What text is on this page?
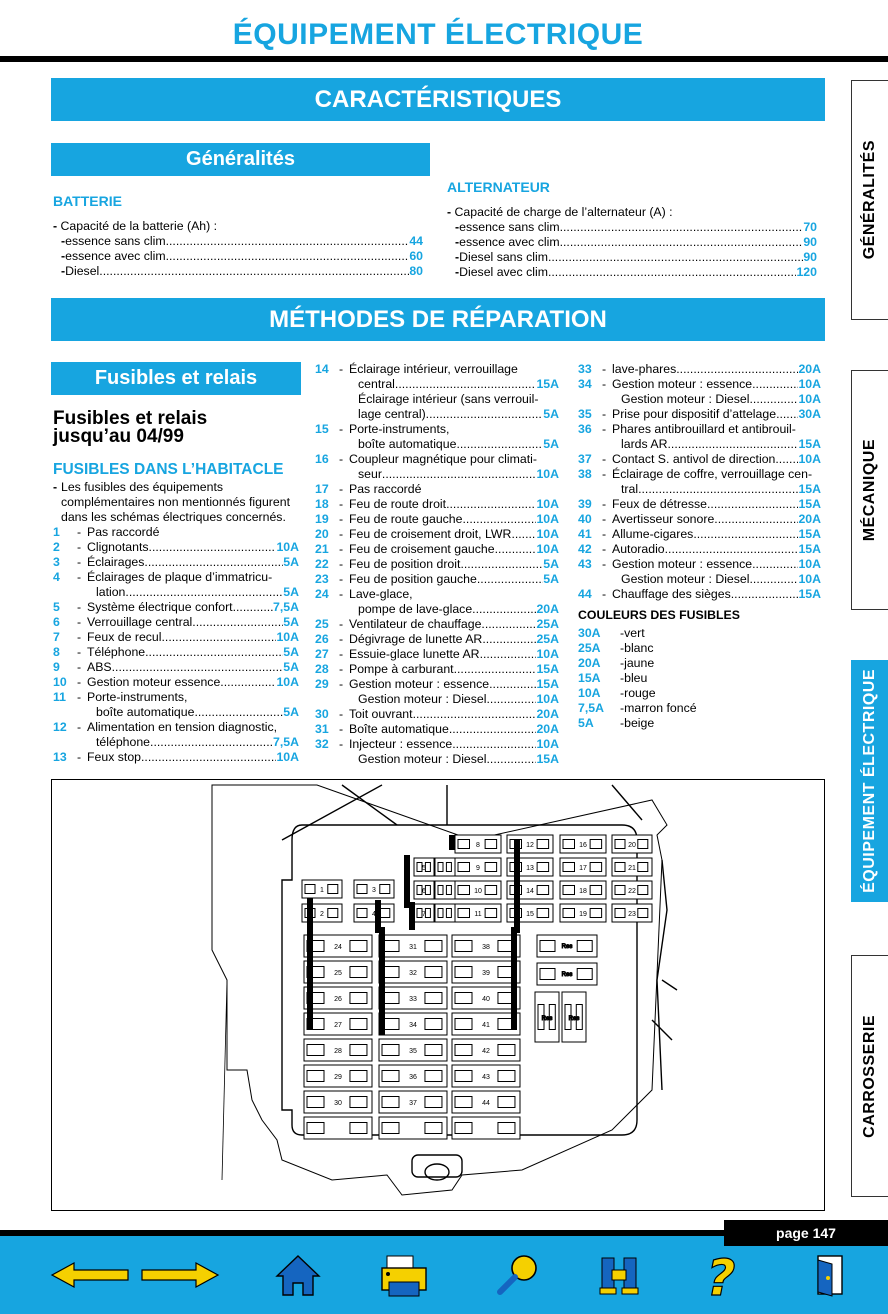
ÉQUIPEMENT ÉLECTRIQUE
CARACTÉRISTIQUES
Généralités
BATTERIE
- Capacité de la batterie (Ah) :
- essence sans clim .....	44
- essence avec clim .....	60
- Diesel .....	80
ALTERNATEUR
- Capacité de charge de l’alternateur (A) :
- essence sans clim .....	70
- essence avec clim .....	90
- Diesel sans clim .....	90
- Diesel avec clim .....	120
MÉTHODES DE RÉPARATION
Fusibles et relais
Fusibles et relais
jusqu’au 04/99
FUSIBLES DANS L’HABITACLE
- Les fusibles des équipements complémentaires non mentionnés figurent dans les schémas électriques concernés.
1	- Pas raccordé
2	- Clignotants .....	10A
3	- Éclairages .....	5A
4	- Éclairages de plaque d’immatricu-
lation .....	5A
5	- Système électrique confort .....	7,5A
6	- Verrouillage central .....	5A
7	- Feux de recul .....	10A
8	- Téléphone .....	5A
9	- ABS .....	5A
10 - Gestion moteur essence .....	10A
11 - Porte-instruments,
boîte automatique .....	5A
12 - Alimentation en tension diagnostic,
téléphone .....	7,5A
13 - Feux stop .....	10A
14 - Éclairage intérieur, verrouillage
central .....	15A
Éclairage intérieur (sans verrouil-
lage central) .....	5A
15 - Porte-instruments,
boîte automatique .....	5A
16 - Coupleur magnétique pour climati-
seur .....	10A
17 - Pas raccordé
18 - Feu de route droit .....	10A
19 - Feu de route gauche .....	10A
20 - Feu de croisement droit, LWR ..... 10A
21 - Feu de croisement gauche .....	10A
22 - Feu de position droit .....	5A
23 - Feu de position gauche .....	5A
24 - Lave-glace,
pompe de lave-glace .....	20A
25 - Ventilateur de chauffage .....	25A
26 - Dégivrage de lunette AR .....	25A
27 - Essuie-glace lunette AR .....	10A
28 - Pompe à carburant .....	15A
29 - Gestion moteur : essence .....	15A
Gestion moteur : Diesel .....	10A
30 - Toit ouvrant .....	20A
31 - Boîte automatique .....	20A
32 - Injecteur : essence .....	10A
Gestion moteur : Diesel .....	15A
33 - lave-phares .....	20A
34 - Gestion moteur : essence .....	10A
Gestion moteur : Diesel .....	10A
35 - Prise pour dispositif d’attelage ..... 30A
36 - Phares antibrouillard et antibrouil-
lards AR .....	15A
37 - Contact S. antivol de direction ..... 10A
38 - Éclairage de coffre, verrouillage cen-
tral .....	15A
39 - Feux de détresse .....	15A
40 - Avertisseur sonore .....	20A
41 - Allume-cigares .....	15A
42 - Autoradio .....	15A
43 - Gestion moteur : essence .....	10A
Gestion moteur : Diesel .....	10A
44 - Chauffage des sièges .....	15A
COULEURS DES FUSIBLES
30A	- vert
25A	- blanc
20A	- jaune
15A	- bleu
10A	- rouge
7,5A	- marron foncé
5A	- beige
GÉNÉRALITÉS
MÉCANIQUE
ÉQUIPEMENT ÉLECTRIQUE
CARROSSERIE
1
2
3
4
5
6
7
8
9
10
11
12
13
14
15
16
17
18
19
20
21
22
23
24	31	38
25	32	39
26	33	40
27	34	41
28	35	42
29	36	43
30	37	44
Res
Res
Res	Res
page 147
?
